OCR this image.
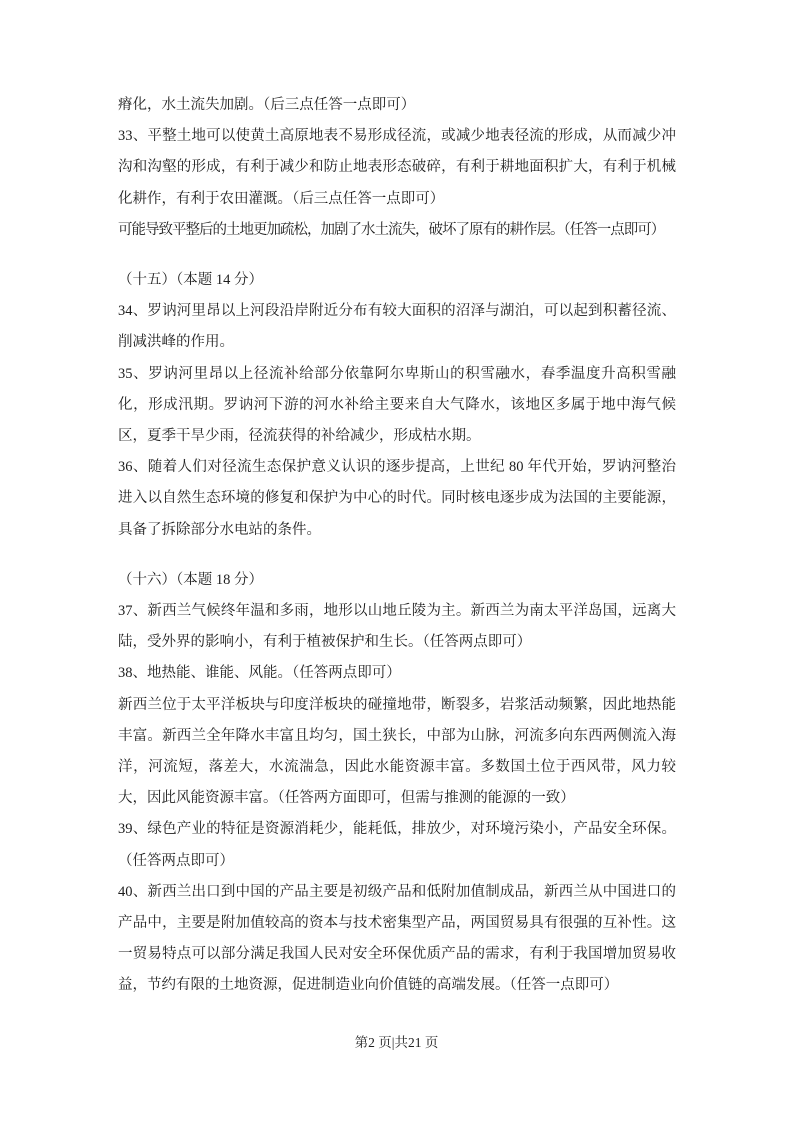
瘠化，水土流失加剧。（后三点任答一点即可）

33、平整土地可以使黄土高原地表不易形成径流，或减少地表径流的形成，从而减少冲沟和沟壑的形成，有利于减少和防止地表形态破碎，有利于耕地面积扩大，有利于机械化耕作，有利于农田灌溉。（后三点任答一点即可）

可能导致平整后的土地更加疏松，加剧了水土流失，破坏了原有的耕作层。（任答一点即可）

（十五）（本题 14 分）

34、罗讷河里昂以上河段沿岸附近分布有较大面积的沼泽与湖泊，可以起到积蓄径流、削减洪峰的作用。

35、罗讷河里昂以上径流补给部分依靠阿尔卑斯山的积雪融水，春季温度升高积雪融化，形成汛期。罗讷河下游的河水补给主要来自大气降水，该地区多属于地中海气候区，夏季干旱少雨，径流获得的补给减少，形成枯水期。

36、随着人们对径流生态保护意义认识的逐步提高，上世纪 80 年代开始，罗讷河整治进入以自然生态环境的修复和保护为中心的时代。同时核电逐步成为法国的主要能源，具备了拆除部分水电站的条件。

（十六）（本题 18 分）

37、新西兰气候终年温和多雨，地形以山地丘陵为主。新西兰为南太平洋岛国，远离大陆，受外界的影响小，有利于植被保护和生长。（任答两点即可）

38、地热能、谁能、风能。（任答两点即可）

新西兰位于太平洋板块与印度洋板块的碰撞地带，断裂多，岩浆活动频繁，因此地热能丰富。新西兰全年降水丰富且均匀，国土狭长，中部为山脉，河流多向东西两侧流入海洋，河流短，落差大，水流湍急，因此水能资源丰富。多数国土位于西风带，风力较大，因此风能资源丰富。（任答两方面即可，但需与推测的能源的一致）

39、绿色产业的特征是资源消耗少，能耗低，排放少，对环境污染小，产品安全环保。（任答两点即可）

40、新西兰出口到中国的产品主要是初级产品和低附加值制成品，新西兰从中国进口的产品中，主要是附加值较高的资本与技术密集型产品，两国贸易具有很强的互补性。这一贸易特点可以部分满足我国人民对安全环保优质产品的需求，有利于我国增加贸易收益，节约有限的土地资源，促进制造业向价值链的高端发展。（任答一点即可）

第2 页|共21 页
